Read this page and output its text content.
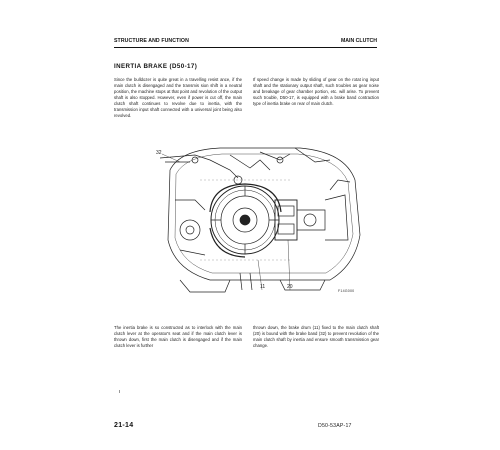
STRUCTURE AND FUNCTION	MAIN CLUTCH
INERTIA BRAKE (D50-17)
Since the bulldozer is quite great in a travelling resist ance, if the main clutch is disengaged and the transmis sion shift in a neutral position, the machine stops at that point and revolution of the output shaft is also stopped. However, even if power is cut off, the main clutch shaft continues to revolve due to inertia, with the transmission input shaft connected with a universal joint being also revolved.
If speed change is made by sliding of gear on the rotat ing input shaft and the stationary output shaft, such troubles as gear noise and breakage of gear chamber portion, etc. will arise. To prevent such trouble, D50-17, is equipped with a brake band contraction type of inertia brake on rear of main clutch.
32
11	20
F14G000
The inertia brake is so constructed as to interlock with the main clutch lever at the operator's seat and if the main clutch lever is thrown down, first the main clutch is disengaged and if the main clutch lever is further
thrown down, the brake drum (11) fixed to the main clutch shaft (20) is bound with the brake band (32) to prevent revolution of the main clutch shaft by inertia and ensure smooth transmission gear change.
21-14	D50-53AP-17
